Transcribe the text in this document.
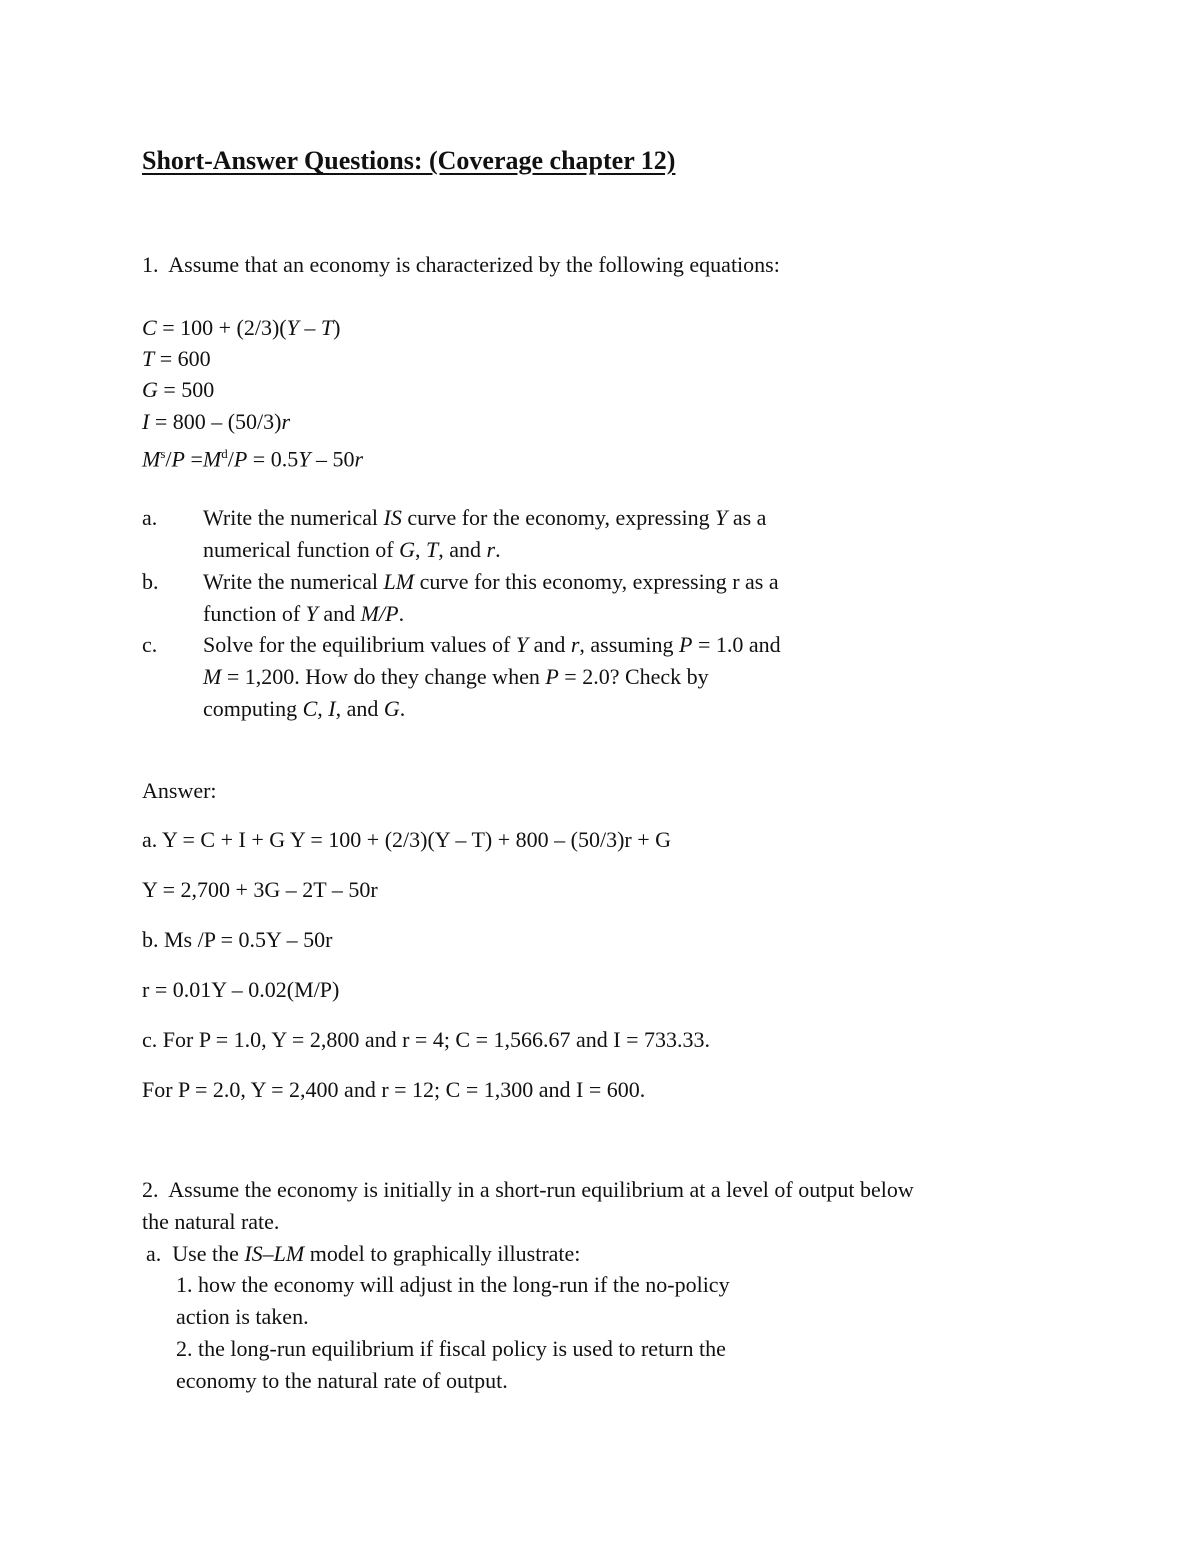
Short-Answer Questions: (Coverage chapter 12)
1. Assume that an economy is characterized by the following equations:
C = 100 + (2/3)(Y – T)
T = 600
G = 500
I = 800 – (50/3)r
$M^s/P =M^d/P = 0.5Y - 50r$
a. Write the numerical IS curve for the economy, expressing Y as a
numerical function of G, T, and r.
b. Write the numerical LM curve for this economy, expressing r as a
function of Y and M/P.
c. Solve for the equilibrium values of Y and r, assuming P = 1.0 and
M = 1,200. How do they change when P = 2.0? Check by
computing C, I, and G.
Answer:
a. Y = C + I + G Y = 100 + (2/3)(Y – T) + 800 – (50/3)r + G
Y = 2,700 + 3G – 2T – 50r
b. Ms /P = 0.5Y – 50r
r = 0.01Y – 0.02(M/P)
c. For P = 1.0, Y = 2,800 and r = 4; C = 1,566.67 and I = 733.33.
For P = 2.0, Y = 2,400 and r = 12; C = 1,300 and I = 600.
2. Assume the economy is initially in a short-run equilibrium at a level of output below
the natural rate.
a. Use the IS–LM model to graphically illustrate:
1. how the economy will adjust in the long-run if the no-policy
action is taken.
2. the long-run equilibrium if fiscal policy is used to return the
economy to the natural rate of output.
